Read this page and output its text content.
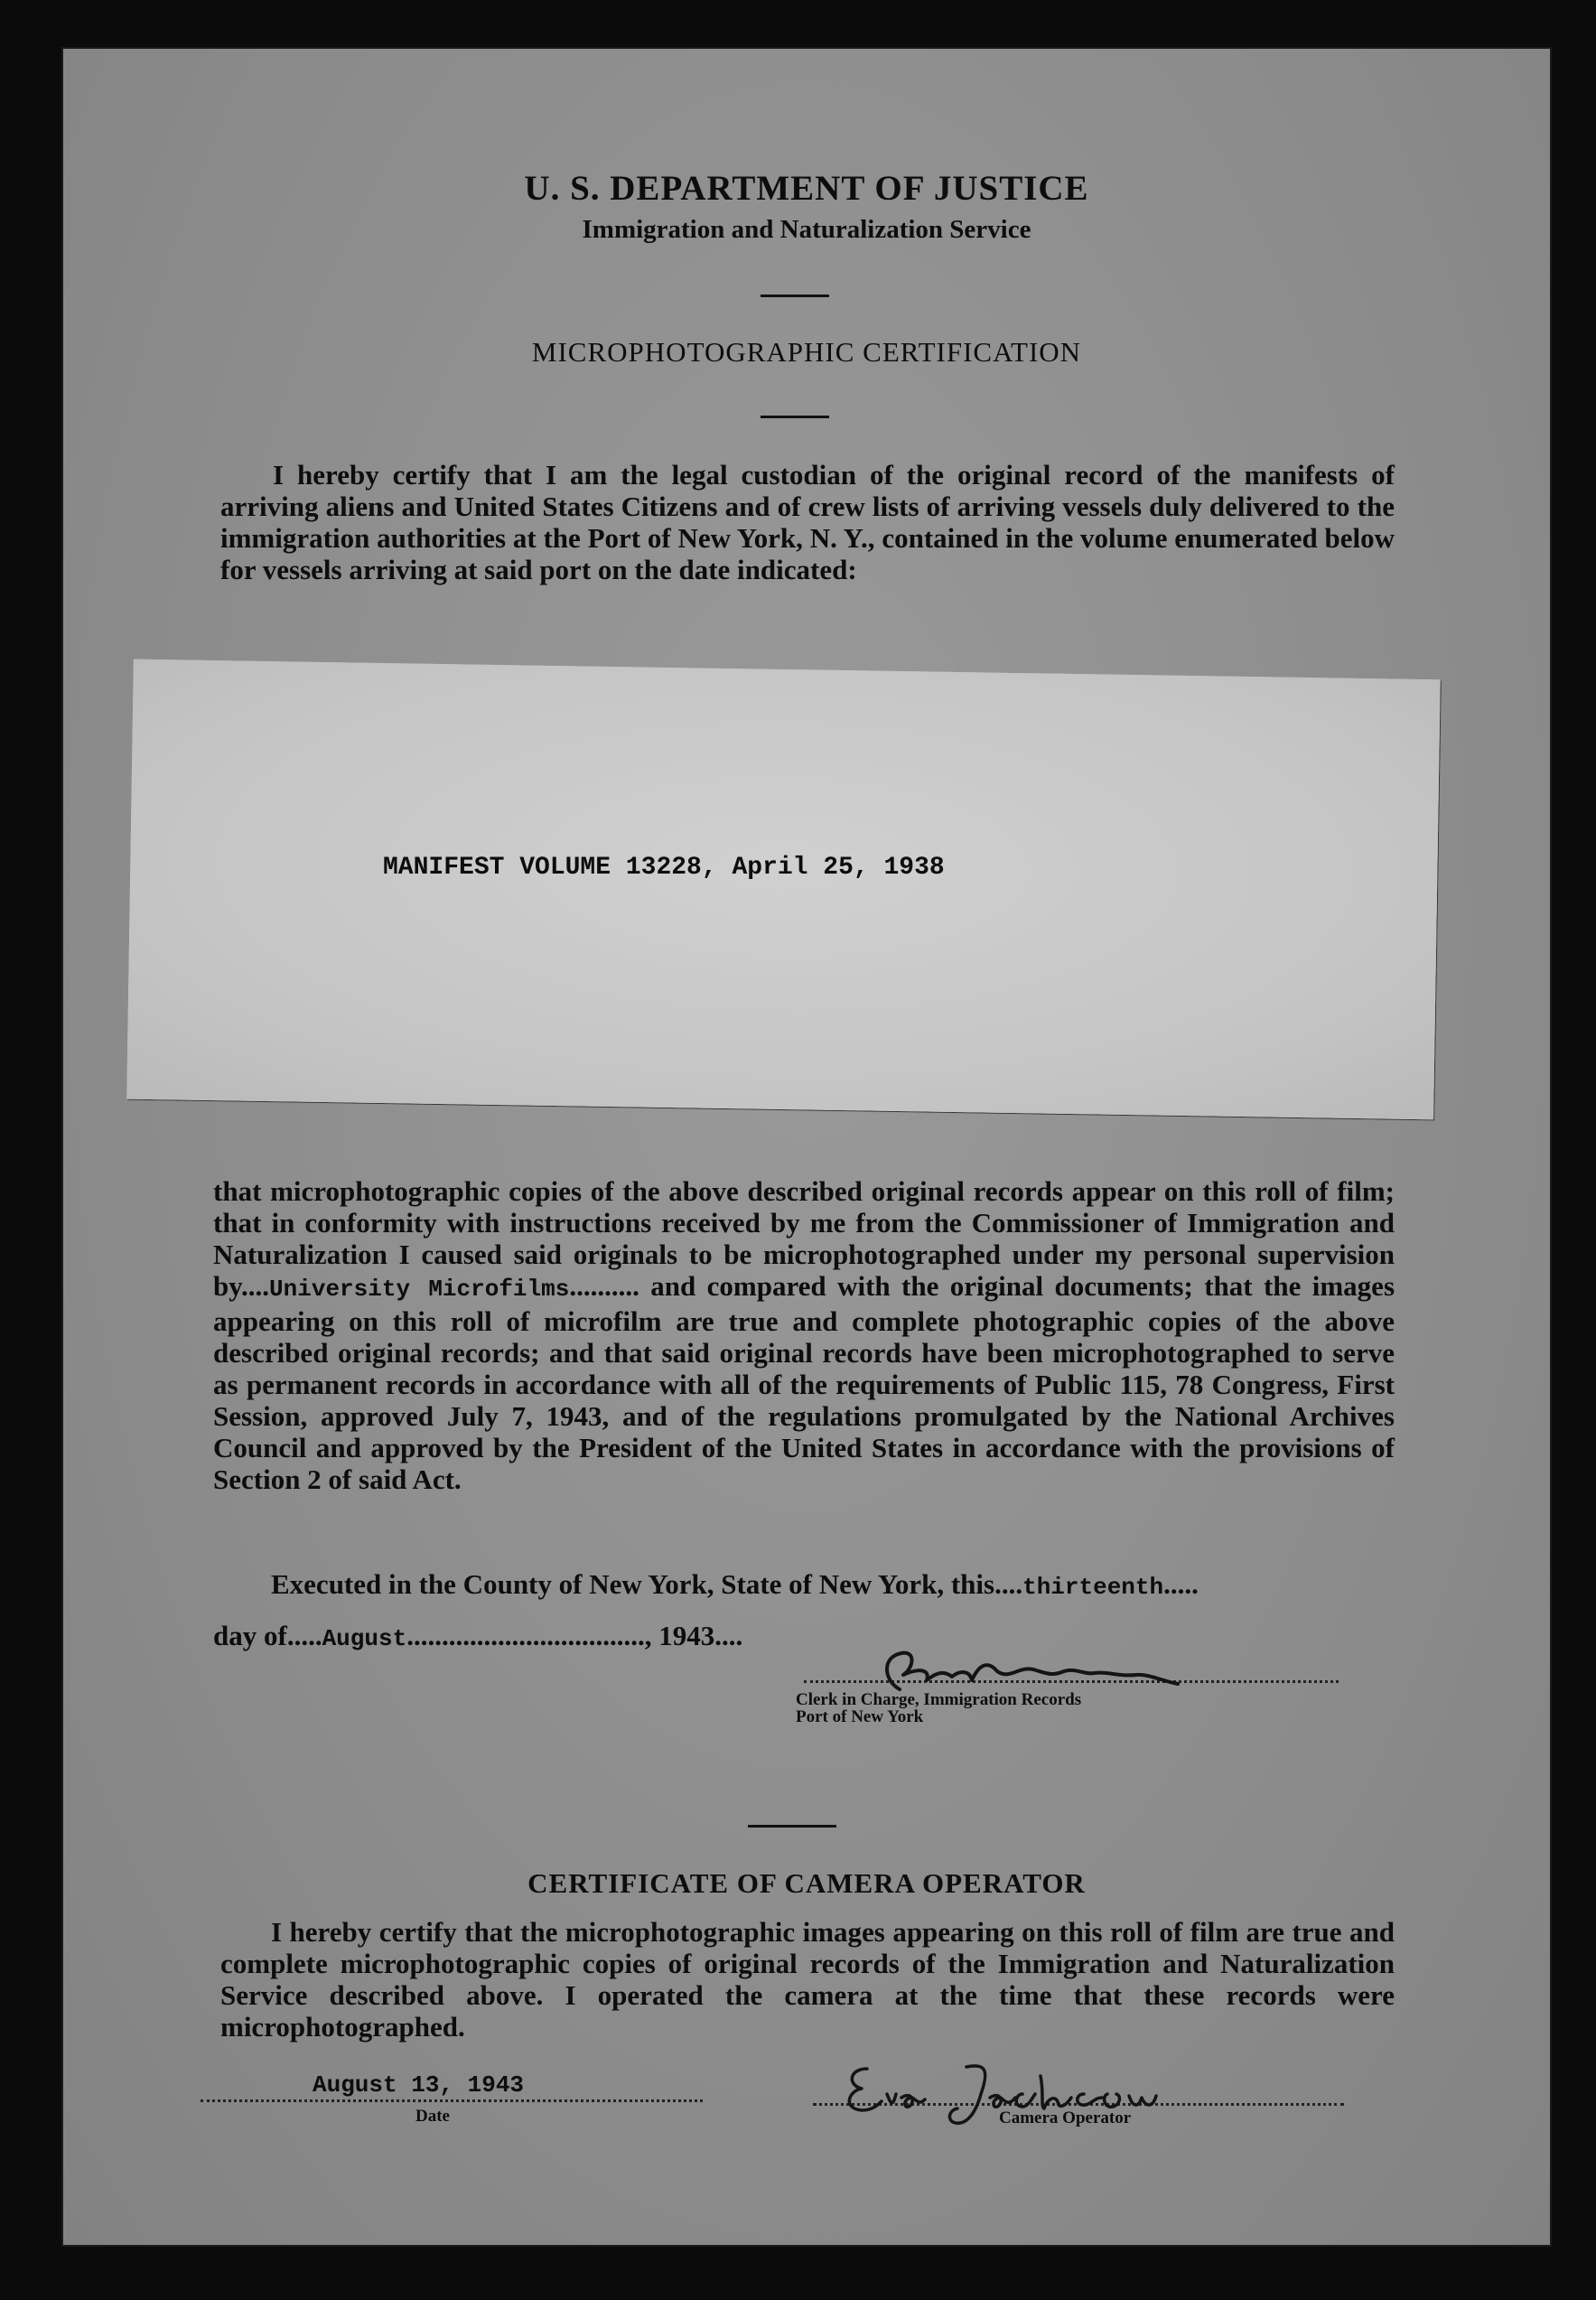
U. S. DEPARTMENT OF JUSTICE
Immigration and Naturalization Service
MICROPHOTOGRAPHIC CERTIFICATION
I hereby certify that I am the legal custodian of the original record of the manifests of arriving aliens and United States Citizens and of crew lists of arriving vessels duly delivered to the immigration authorities at the Port of New York, N. Y., contained in the volume enumerated below for vessels arriving at said port on the date indicated:
MANIFEST VOLUME 13228, April 25, 1938
that microphotographic copies of the above described original records appear on this roll of film; that in conformity with instructions received by me from the Commissioner of Immigration and Naturalization I caused said originals to be microphotographed under my personal supervision by....University Microfilms.......... and compared with the original documents; that the images appearing on this roll of microfilm are true and complete photographic copies of the above described original records; and that said original records have been microphotographed to serve as permanent records in accordance with all of the requirements of Public 115, 78 Congress, First Session, approved July 7, 1943, and of the regulations promulgated by the National Archives Council and approved by the President of the United States in accordance with the provisions of Section 2 of said Act.
Executed in the County of New York, State of New York, this....thirteenth.....
day of.....August.................................., 1943....
Clerk in Charge, Immigration Records
Port of New York
CERTIFICATE OF CAMERA OPERATOR
I hereby certify that the microphotographic images appearing on this roll of film are true and complete microphotographic copies of original records of the Immigration and Naturalization Service described above. I operated the camera at the time that these records were microphotographed.
August 13, 1943
Date	Camera Operator
